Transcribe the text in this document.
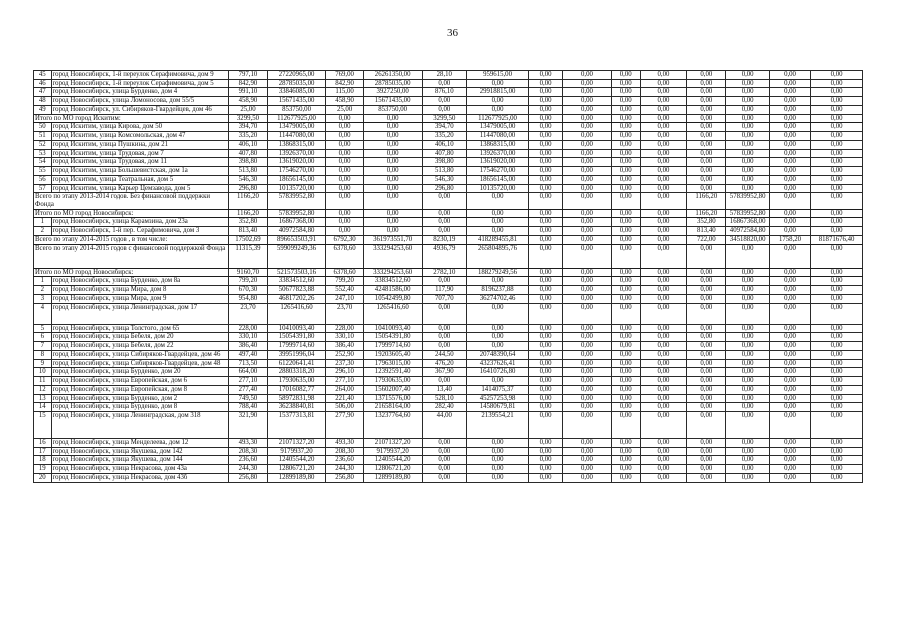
36
45	город Новосибирск, 1-й переулок Серафимовича, дом 9	797,10	27220965,00	769,00	26261350,00	28,10	959615,00	0,00	0,00	0,00	0,00	0,00	0,00	0,00	0,00
46	город Новосибирск, 1-й переулок Серафимовича, дом 5	842,90	28785035,00	842,90	28785035,00	0,00	0,00	0,00	0,00	0,00	0,00	0,00	0,00	0,00	0,00
47	город Новосибирск, улица Бурденко, дом 4	991,10	33846085,00	115,00	3927250,00	876,10	29918815,00	0,00	0,00	0,00	0,00	0,00	0,00	0,00	0,00
48	город Новосибирск, улица Ломоносова, дом 55/5	458,90	15671435,00	458,90	15671435,00	0,00	0,00	0,00	0,00	0,00	0,00	0,00	0,00	0,00	0,00
49	город Новосибирск, ул. Сибиряков-Гвардейцев, дом 46	25,00	853750,00	25,00	853750,00	0,00	0,00	0,00	0,00	0,00	0,00	0,00	0,00	0,00	0,00
Итого по МО город Искитим:		3299,50	112677925,00	0,00	0,00	3299,50	112677925,00	0,00	0,00	0,00	0,00	0,00	0,00	0,00	0,00
50	город Искитим, улица Кирова, дом 50	394,70	13479005,00	0,00	0,00	394,70	13479005,00	0,00	0,00	0,00	0,00	0,00	0,00	0,00	0,00
51	город Искитим, улица Комсомольская, дом 47	335,20	11447080,00	0,00	0,00	335,20	11447080,00	0,00	0,00	0,00	0,00	0,00	0,00	0,00	0,00
52	город Искитим, улица Пушкина, дом 21	406,10	13868315,00	0,00	0,00	406,10	13868315,00	0,00	0,00	0,00	0,00	0,00	0,00	0,00	0,00
53	город Искитим, улица Трудовая, дом 7	407,80	13926370,00	0,00	0,00	407,80	13926370,00	0,00	0,00	0,00	0,00	0,00	0,00	0,00	0,00
54	город Искитим, улица Трудовая, дом 11	398,80	13619020,00	0,00	0,00	398,80	13619020,00	0,00	0,00	0,00	0,00	0,00	0,00	0,00	0,00
55	город Искитим, улица Большевистская, дом 1а	513,80	17546270,00	0,00	0,00	513,80	17546270,00	0,00	0,00	0,00	0,00	0,00	0,00	0,00	0,00
56	город Искитим, улица Театральная, дом 5	546,30	18656145,00	0,00	0,00	546,30	18656145,00	0,00	0,00	0,00	0,00	0,00	0,00	0,00	0,00
57	город Искитим, улица Карьер Цемзавода, дом 5	296,80	10135720,00	0,00	0,00	296,80	10135720,00	0,00	0,00	0,00	0,00	0,00	0,00	0,00	0,00
Всего по этапу 2013-2014 годов. Без финансовой поддержки Фонда		1166,20	57839952,80	0,00	0,00	0,00	0,00	0,00	0,00	0,00	0,00	1166,20	57839952,80	0,00	0,00
Итого по МО город Новосибирск:		1166,20	57839952,80	0,00	0,00	0,00	0,00	0,00	0,00	0,00	0,00	1166,20	57839952,80	0,00	0,00
1	город Новосибирск, улица Карамзина, дом 23а	352,80	16867368,00	0,00	0,00	0,00	0,00	0,00	0,00	0,00	0,00	352,80	16867368,00	0,00	0,00
2	город Новосибирск, 1-й пер. Серафимовича, дом 3	813,40	40972584,80	0,00	0,00	0,00	0,00	0,00	0,00	0,00	0,00	813,40	40972584,80	0,00	0,00
Всего по этапу 2014-2015 годов , в том числе:		17502,69	896653503,91	6792,30	361973551,70	8230,19	418289455,81	0,00	0,00	0,00	0,00	722,00	34518820,00	1758,20	81871676,40
Всего по этапу 2014-2015 годов с финансовой поддержкой Фонда		11315,39	599099249,36	6378,60	333294253,60	4936,79	265804895,76	0,00	0,00	0,00	0,00	0,00	0,00	0,00	0,00
Итого по МО город Новосибирск:		9160,70	521573503,16	6378,60	333294253,60	2782,10	188279249,56	0,00	0,00	0,00	0,00	0,00	0,00	0,00	0,00
1	город Новосибирск, улица Бурденко, дом 8а	799,20	33834512,60	799,20	33834512,60	0,00	0,00	0,00	0,00	0,00	0,00	0,00	0,00	0,00	0,00
2	город Новосибирск, улица Мира, дом 8	670,30	50677823,88	552,40	42481586,00	117,90	8196237,88	0,00	0,00	0,00	0,00	0,00	0,00	0,00	0,00
3	город Новосибирск, улица Мира, дом 9	954,80	46817202,26	247,10	10542499,80	707,70	36274702,46	0,00	0,00	0,00	0,00	0,00	0,00	0,00	0,00
4	город Новосибирск, улица Ленинградская, дом 17	23,70	1265416,60	23,70	1265416,60	0,00	0,00	0,00	0,00	0,00	0,00	0,00	0,00	0,00	0,00
5	город Новосибирск, улица Толстого, дом 65	228,00	10410093,40	228,00	10410093,40	0,00	0,00	0,00	0,00	0,00	0,00	0,00	0,00	0,00	0,00
6	город Новосибирск, улица Бебеля, дом 20	330,10	15054391,80	330,10	15054391,80	0,00	0,00	0,00	0,00	0,00	0,00	0,00	0,00	0,00	0,00
7	город Новосибирск, улица Бебеля, дом 22	386,40	17999714,60	386,40	17999714,60	0,00	0,00	0,00	0,00	0,00	0,00	0,00	0,00	0,00	0,00
8	город Новосибирск, улица Сибиряков-Гвардейцев, дом 46	497,40	39951996,04	252,90	19203605,40	244,50	20748390,64	0,00	0,00	0,00	0,00	0,00	0,00	0,00	0,00
9	город Новосибирск, улица Сибиряков-Гвардейцев, дом 48	713,50	61220641,41	237,30	17963015,00	476,20	43237626,41	0,00	0,00	0,00	0,00	0,00	0,00	0,00	0,00
10	город Новосибирск, улица Бурденко, дом 20	664,00	28803318,20	296,10	12392591,40	367,90	16410726,80	0,00	0,00	0,00	0,00	0,00	0,00	0,00	0,00
11	город Новосибирск, улица Европейская, дом 6	277,10	17930635,00	277,10	17930635,00	0,00	0,00	0,00	0,00	0,00	0,00	0,00	0,00	0,00	0,00
12	город Новосибирск, улица Европейская, дом 8	277,40	17016082,77	264,00	15602007,40	13,40	1414075,37	0,00	0,00	0,00	0,00	0,00	0,00	0,00	0,00
13	город Новосибирск, улица Бурденко, дом 2	749,50	58972831,98	221,40	13715576,00	528,10	45257253,98	0,00	0,00	0,00	0,00	0,00	0,00	0,00	0,00
14	город Новосибирск, улица Бурденко, дом 8	788,40	36238840,81	506,00	21658164,00	282,40	14580679,81	0,00	0,00	0,00	0,00	0,00	0,00	0,00	0,00
15	город Новосибирск, улица Ленинградская, дом 318	321,90	15377313,81	277,90	13237764,60	44,00	2139554,21	0,00	0,00	0,00	0,00	0,00	0,00	0,00	0,00
16	город Новосибирск, улица Менделеева, дом 12	493,30	21071327,20	493,30	21071327,20	0,00	0,00	0,00	0,00	0,00	0,00	0,00	0,00	0,00	0,00
17	город Новосибирск, улица Якушева, дом 142	208,30	9179937,20	208,30	9179937,20	0,00	0,00	0,00	0,00	0,00	0,00	0,00	0,00	0,00	0,00
18	город Новосибирск, улица Якушева, дом 144	236,60	12405544,20	236,60	12405544,20	0,00	0,00	0,00	0,00	0,00	0,00	0,00	0,00	0,00	0,00
19	город Новосибирск, улица Некрасова, дом 43а	244,30	12806721,20	244,30	12806721,20	0,00	0,00	0,00	0,00	0,00	0,00	0,00	0,00	0,00	0,00
20	город Новосибирск, улица Некрасова, дом 43б	256,80	12899189,80	256,80	12899189,80	0,00	0,00	0,00	0,00	0,00	0,00	0,00	0,00	0,00	0,00
